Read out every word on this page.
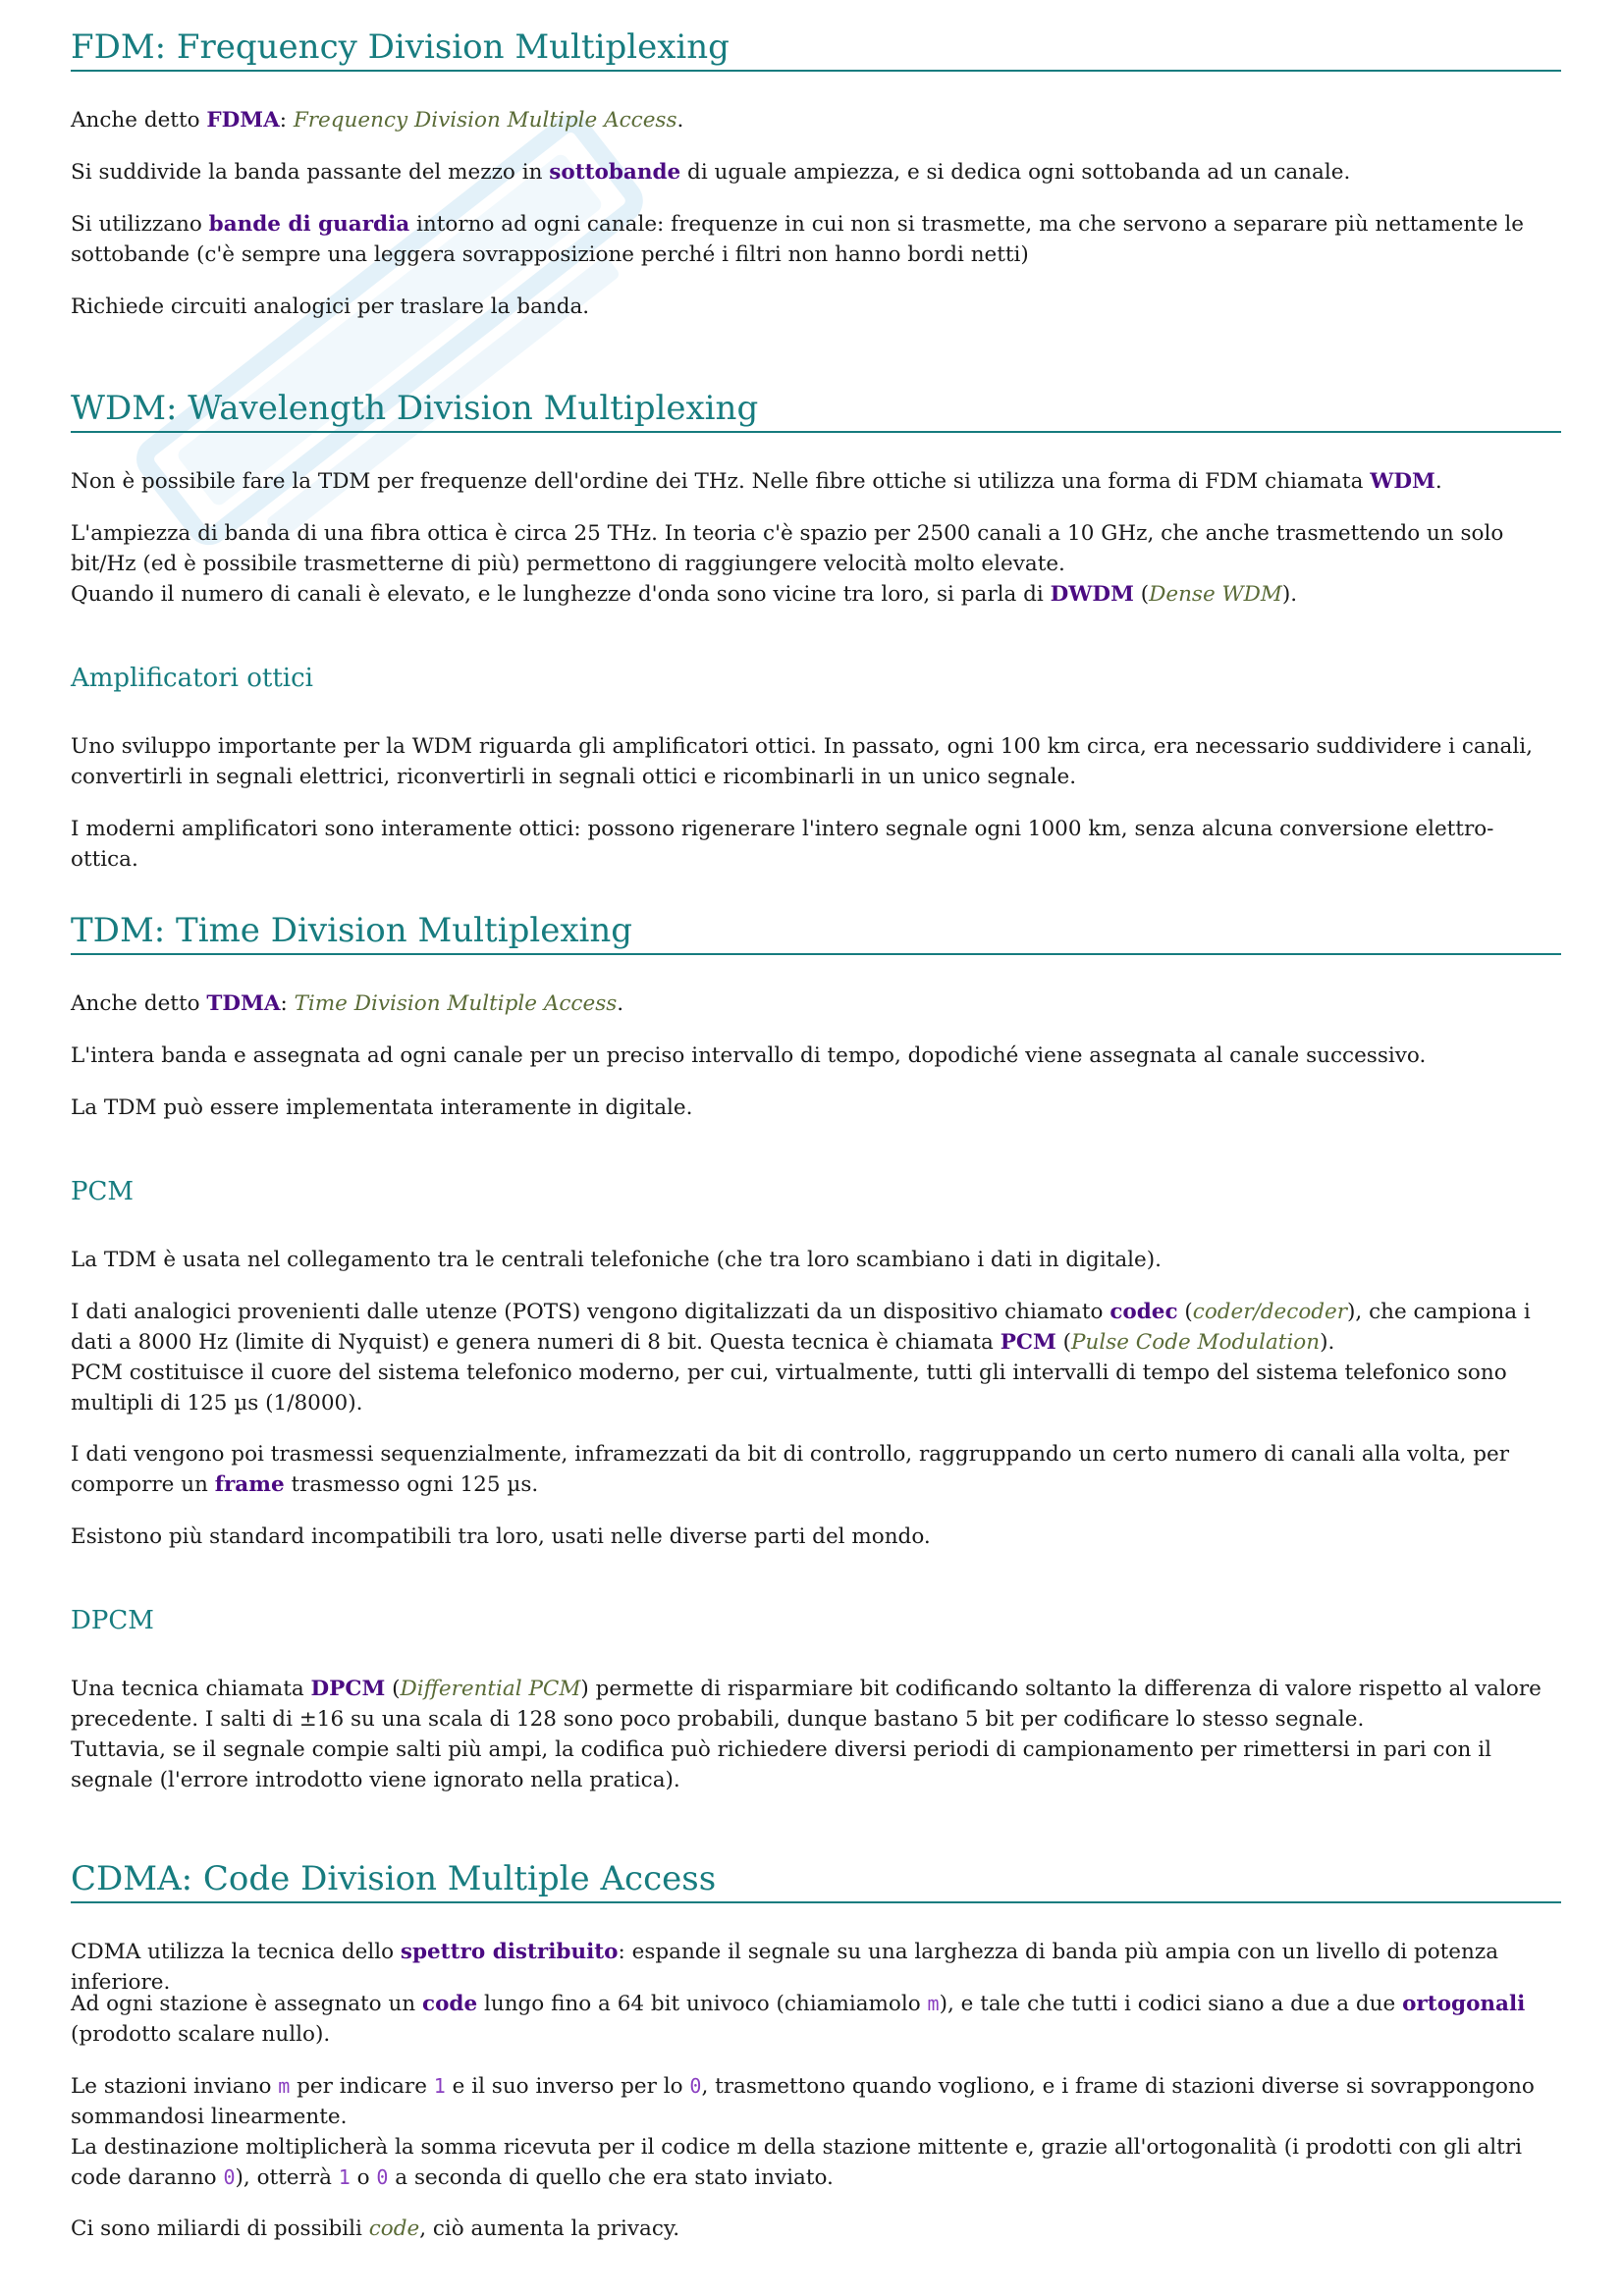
FDM: Frequency Division Multiplexing

Anche detto FDMA: Frequency Division Multiple Access.

Si suddivide la banda passante del mezzo in sottobande di uguale ampiezza, e si dedica ogni sottobanda ad un canale.

Si utilizzano bande di guardia intorno ad ogni canale: frequenze in cui non si trasmette, ma che servono a separare più nettamente le sottobande (c'è sempre una leggera sovrapposizione perché i filtri non hanno bordi netti)

Richiede circuiti analogici per traslare la banda.

WDM: Wavelength Division Multiplexing

Non è possibile fare la TDM per frequenze dell'ordine dei THz. Nelle fibre ottiche si utilizza una forma di FDM chiamata WDM.

L'ampiezza di banda di una fibra ottica è circa 25 THz. In teoria c'è spazio per 2500 canali a 10 GHz, che anche trasmettendo un solo bit/Hz (ed è possibile trasmetterne di più) permettono di raggiungere velocità molto elevate.
Quando il numero di canali è elevato, e le lunghezze d'onda sono vicine tra loro, si parla di DWDM (Dense WDM).

Amplificatori ottici

Uno sviluppo importante per la WDM riguarda gli amplificatori ottici. In passato, ogni 100 km circa, era necessario suddividere i canali, convertirli in segnali elettrici, riconvertirli in segnali ottici e ricombinarli in un unico segnale.

I moderni amplificatori sono interamente ottici: possono rigenerare l'intero segnale ogni 1000 km, senza alcuna conversione elettro-ottica.

TDM: Time Division Multiplexing

Anche detto TDMA: Time Division Multiple Access.

L'intera banda e assegnata ad ogni canale per un preciso intervallo di tempo, dopodiché viene assegnata al canale successivo.

La TDM può essere implementata interamente in digitale.

PCM

La TDM è usata nel collegamento tra le centrali telefoniche (che tra loro scambiano i dati in digitale).

I dati analogici provenienti dalle utenze (POTS) vengono digitalizzati da un dispositivo chiamato codec (coder/decoder), che campiona i dati a 8000 Hz (limite di Nyquist) e genera numeri di 8 bit. Questa tecnica è chiamata PCM (Pulse Code Modulation).
PCM costituisce il cuore del sistema telefonico moderno, per cui, virtualmente, tutti gli intervalli di tempo del sistema telefonico sono multipli di 125 µs (1/8000).

I dati vengono poi trasmessi sequenzialmente, inframezzati da bit di controllo, raggruppando un certo numero di canali alla volta, per comporre un frame trasmesso ogni 125 µs.

Esistono più standard incompatibili tra loro, usati nelle diverse parti del mondo.

DPCM

Una tecnica chiamata DPCM (Differential PCM) permette di risparmiare bit codificando soltanto la differenza di valore rispetto al valore precedente. I salti di ±16 su una scala di 128 sono poco probabili, dunque bastano 5 bit per codificare lo stesso segnale.
Tuttavia, se il segnale compie salti più ampi, la codifica può richiedere diversi periodi di campionamento per rimettersi in pari con il segnale (l'errore introdotto viene ignorato nella pratica).

CDMA: Code Division Multiple Access

CDMA utilizza la tecnica dello spettro distribuito: espande il segnale su una larghezza di banda più ampia con un livello di potenza inferiore.

Ad ogni stazione è assegnato un code lungo fino a 64 bit univoco (chiamiamolo m), e tale che tutti i codici siano a due a due ortogonali (prodotto scalare nullo).

Le stazioni inviano m per indicare 1 e il suo inverso per lo 0, trasmettono quando vogliono, e i frame di stazioni diverse si sovrappongono sommandosi linearmente.
La destinazione moltiplicherà la somma ricevuta per il codice m della stazione mittente e, grazie all'ortogonalità (i prodotti con gli altri code daranno 0), otterrà 1 o 0 a seconda di quello che era stato inviato.

Ci sono miliardi di possibili code, ciò aumenta la privacy.
